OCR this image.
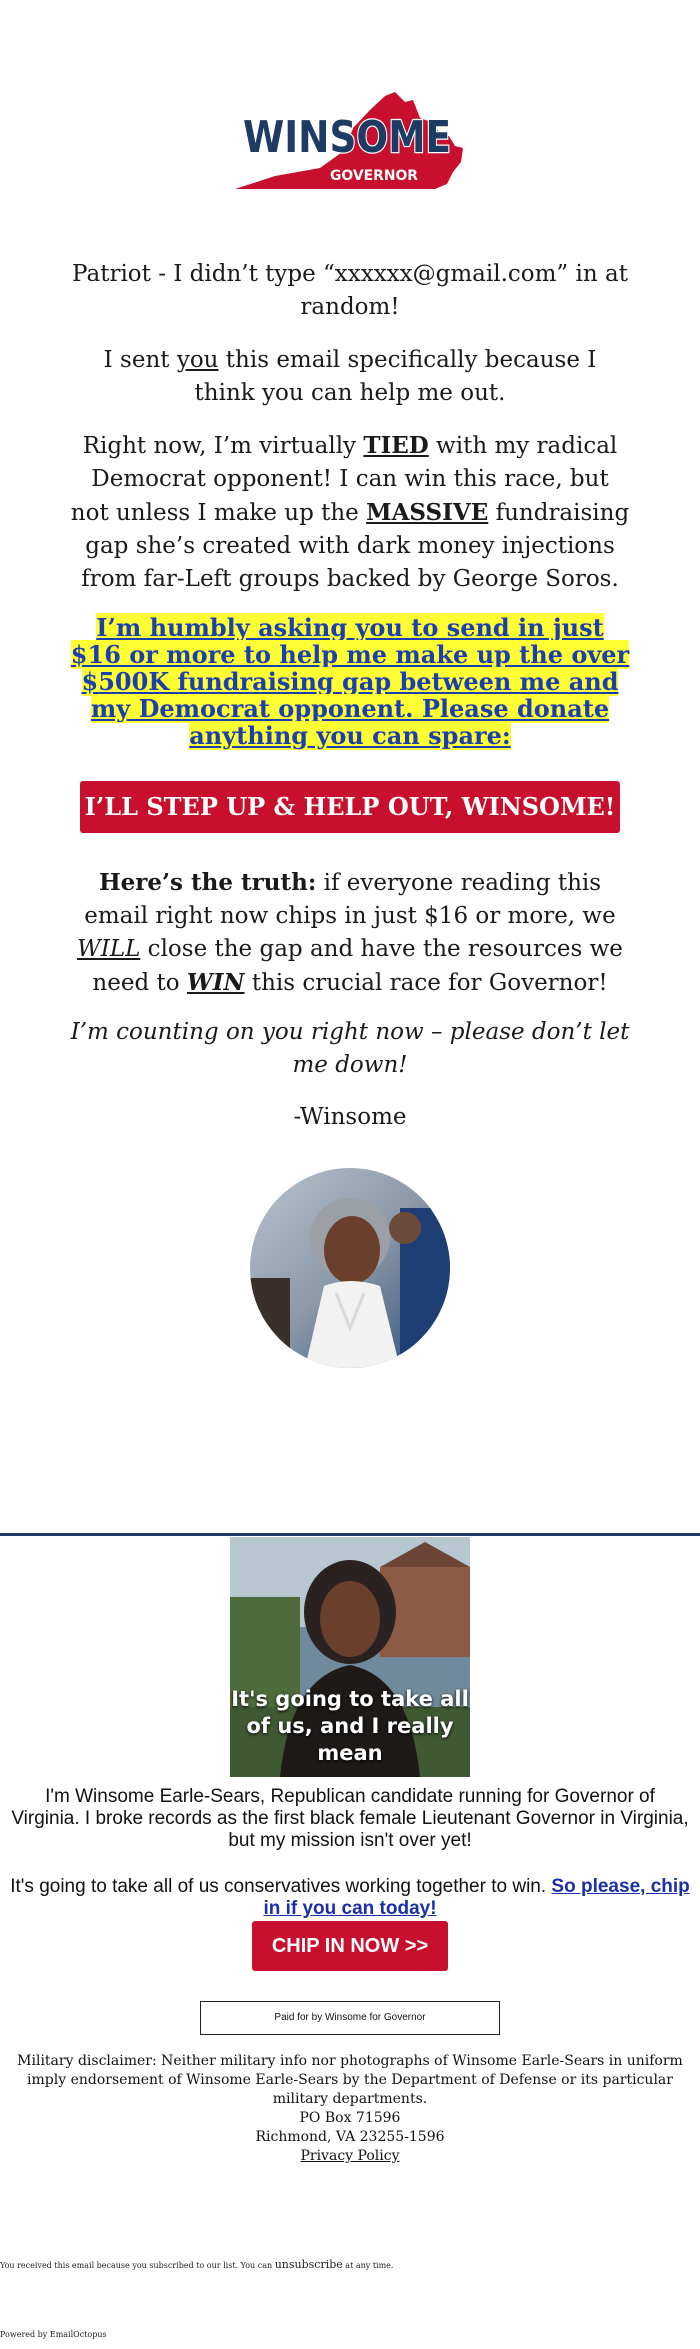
WINSOME
GOVERNOR
Patriot - I didn’t type “xxxxxx@gmail.com” in at random!
I sent you this email specifically because I think you can help me out.
Right now, I’m virtually TIED with my radical Democrat opponent! I can win this race, but not unless I make up the MASSIVE fundraising gap she’s created with dark money injections from far-Left groups backed by George Soros.
I’m humbly asking you to send in just $16 or more to help me make up the over $500K fundraising gap between me and my Democrat opponent. Please donate anything you can spare:
I’LL STEP UP & HELP OUT, WINSOME!
Here’s the truth: if everyone reading this email right now chips in just $16 or more, we WILL close the gap and have the resources we need to WIN this crucial race for Governor!
I’m counting on you right now – please don’t let me down!
-Winsome
It's going to take all of us, and I really mean
I'm Winsome Earle-Sears, Republican candidate running for Governor of Virginia. I broke records as the first black female Lieutenant Governor in Virginia, but my mission isn't over yet!
It's going to take all of us conservatives working together to win. So please, chip in if you can today!
CHIP IN NOW >>
Paid for by Winsome for Governor
Military disclaimer: Neither military info nor photographs of Winsome Earle-Sears in uniform imply endorsement of Winsome Earle-Sears by the Department of Defense or its particular military departments.
PO Box 71596
Richmond, VA 23255-1596
Privacy Policy
You received this email because you subscribed to our list. You can unsubscribe at any time.
Powered by EmailOctopus
